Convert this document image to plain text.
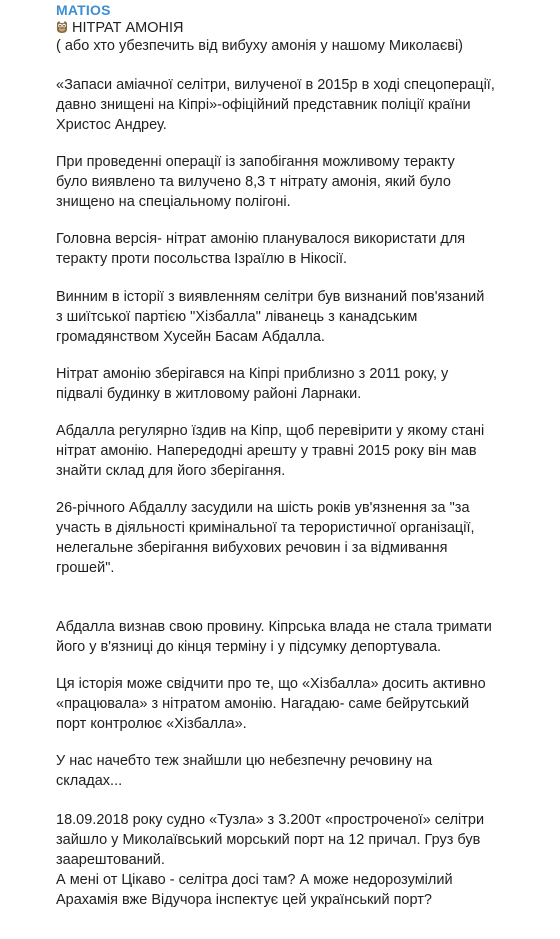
MATIOS
НІТРАТ АМОНІЯ
( або хто убезпечить від вибуху амонія у нашому Миколаєві)

«Запаси аміачної селітри, вилученої в 2015р в ході спецоперації,
давно знищені на Кіпрі»-офіційний представник поліції країни
Христос Андреу.

При проведенні операції із запобігання можливому теракту
було виявлено та вилучено 8,3 т нітрату амонія, який було
знищено на спеціальному полігоні.

Головна версія- нітрат амонію планувалося використати для
теракту проти посольства Ізраїлю в Нікосії.

Винним в історії з виявленням селітри був визнаний пов'язаний
з шиїтської партією "Хізбалла" ліванець з канадським
громадянством Хусейн Басам Абдалла.

Нітрат амонію зберігався на Кіпрі приблизно з 2011 року, у
підвалі будинку в житловому районі Ларнаки.

Абдалла регулярно їздив на Кіпр, щоб перевірити у якому стані
нітрат амонію. Напередодні арешту у травні 2015 року він мав
знайти склад для його зберігання.

26-річного Абдаллу засудили на шість років ув'язнення за "за
участь в діяльності кримінальної та терористичної організації,
нелегальне зберігання вибухових речовин і за відмивання
грошей".

Абдалла визнав свою провину. Кіпрська влада не стала тримати
його у в'язниці до кінця терміну і у підсумку депортувала.

Ця історія може свідчити про те, що «Хізбалла» досить активно
«працювала» з нітратом амонію. Нагадаю- саме бейрутський
порт контролює «Хізбалла».

У нас начебто теж знайшли цю небезпечну речовину на
складах...

18.09.2018 року судно «Тузла» з 3.200т «простроченої» селітри
зайшло у Миколаївський морський порт на 12 причал. Груз був
заарештований.
А мені от Цікаво - селітра досі там? А може недорозумілий
Арахамія вже Відучора інспектує цей український порт?
